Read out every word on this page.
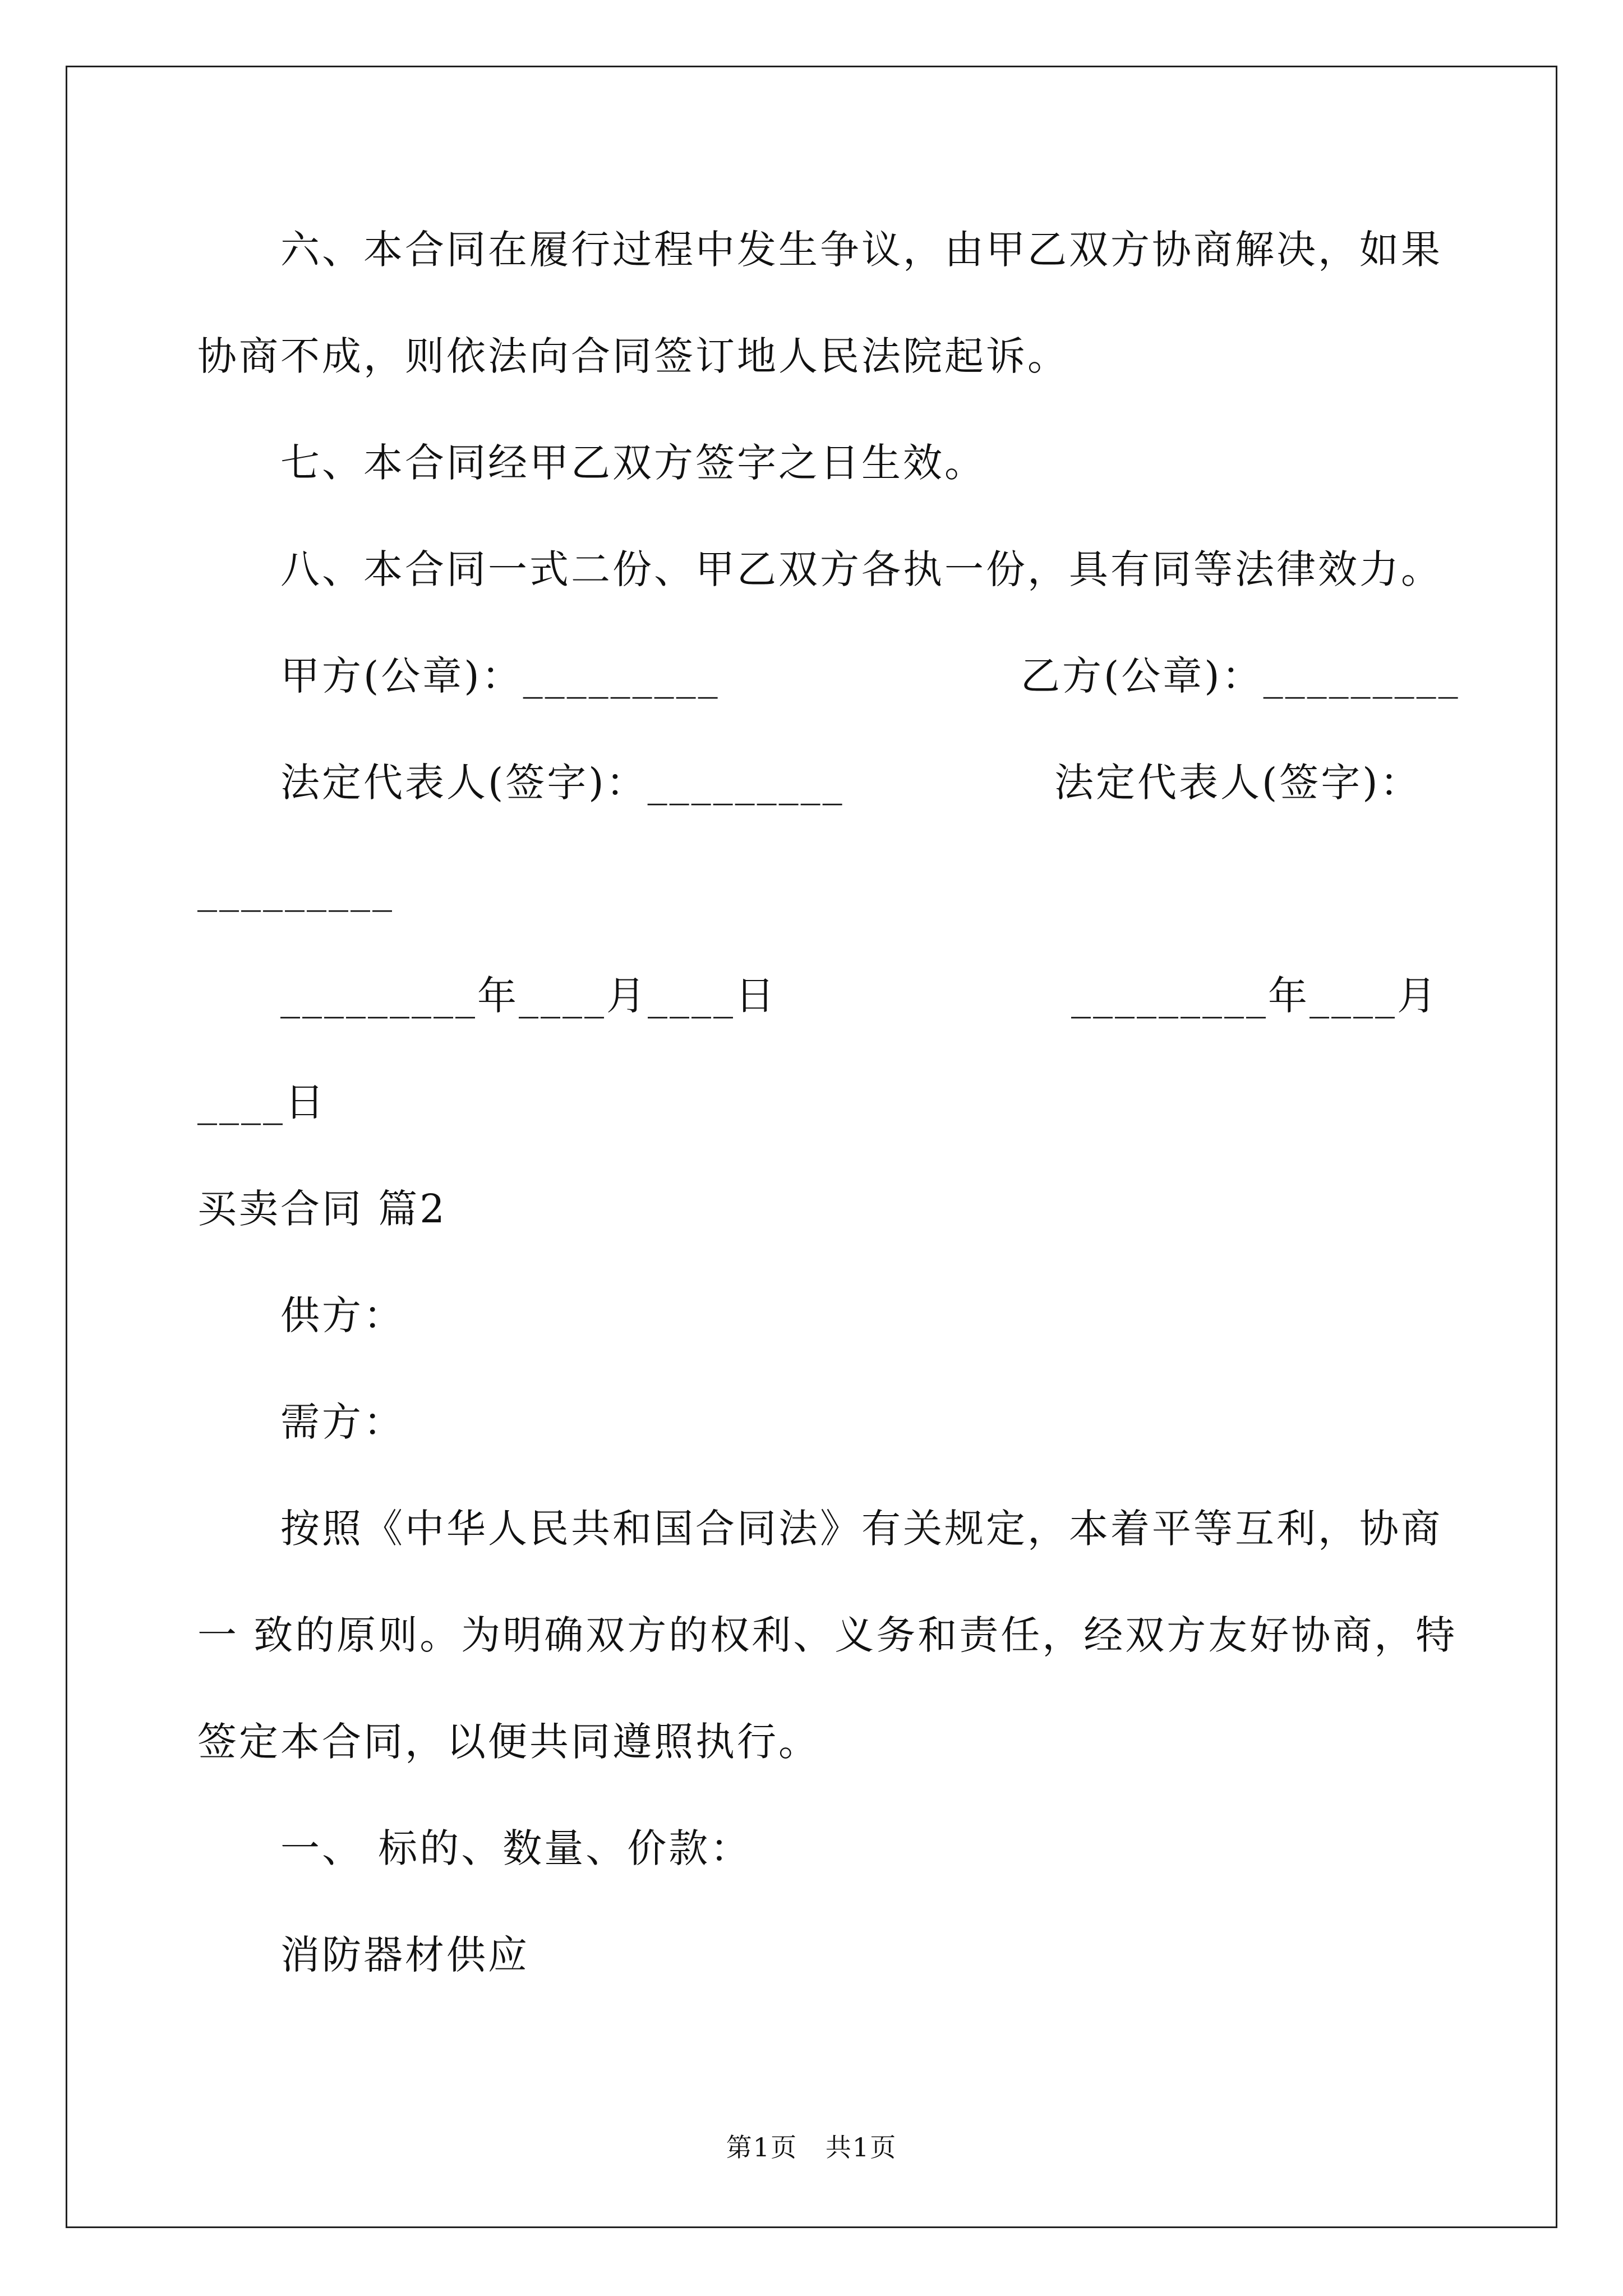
六、本合同在履行过程中发生争议，由甲乙双方协商解决，如果
协商不成，则依法向合同签订地人民法院起诉。
七、本合同经甲乙双方签字之日生效。
八、本合同一式二份、甲乙双方各执一份，具有同等法律效力。
甲方(公章)：_________	乙方(公章)：_________
法定代表人(签字)：_________	法定代表人(签字)：
_________
_________年____月____日	_________年____月
____日
买卖合同 篇2
供方：
需方：
按照《中华人民共和国合同法》有关规定，本着平等互利，协商
一 致的原则。为明确双方的权利、义务和责任，经双方友好协商，特
签定本合同，以便共同遵照执行。
一、 标的、数量、价款：
消防器材供应
第1页   共1页
